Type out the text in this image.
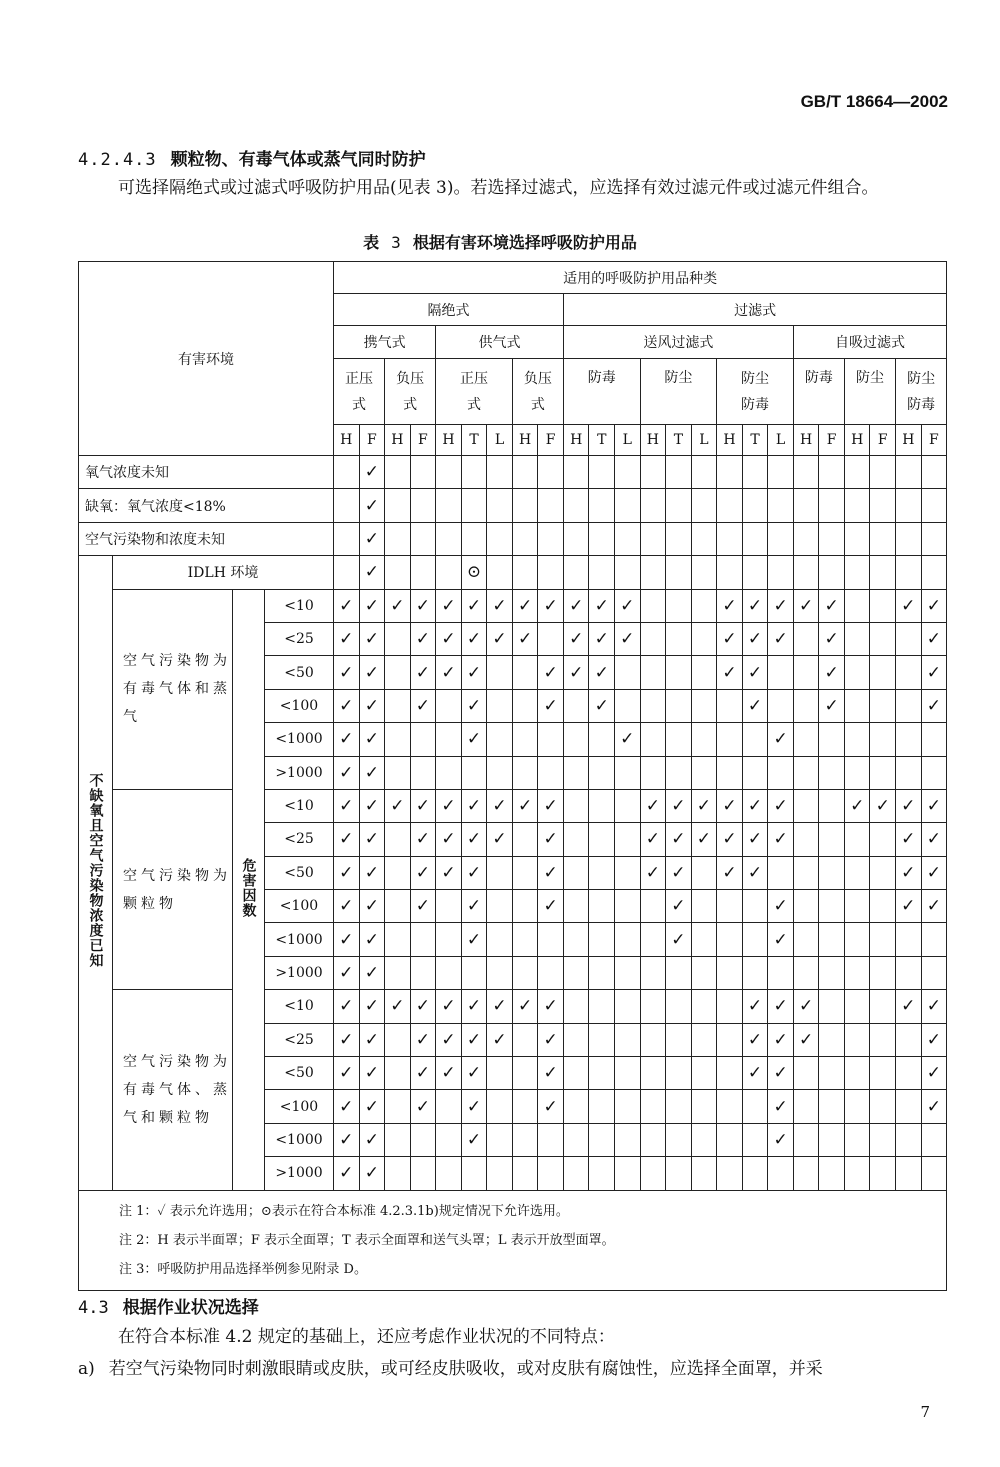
GB/T 18664—2002
4.2.4.3 颗粒物、有毒气体或蒸气同时防护
可选择隔绝式或过滤式呼吸防护用品(见表 3)。若选择过滤式，应选择有效过滤元件或过滤元件组合。
表 3 根据有害环境选择呼吸防护用品
有害环境				适用的呼吸防护用品种类																							
				隔绝式									过滤式														
				携气式				供气式					送风过滤式									自吸过滤式					
				正压式		负压式		正压式			负压式		防毒			防尘			防尘防毒			防毒		防尘		防尘防毒	

				H	F	H	F	H	T	L	H	F	H	T	L	H	T	L	H	T	L	H	F	H	F	H	F
氧气浓度未知					✓																						
缺氧：氧气浓度<18%					✓																						
空气污染物和浓度未知					✓																						
不缺氧且空气污染物浓度已知	IDLH 环境				✓				⊙																		
	空气污染物为有毒气体和蒸气	危害因数	<10	✓	✓	✓	✓	✓	✓	✓	✓	✓	✓	✓	✓				✓	✓	✓	✓	✓			✓	✓
			<25	✓	✓		✓	✓	✓	✓	✓		✓	✓	✓				✓	✓	✓		✓				✓
			<50	✓	✓		✓	✓	✓			✓	✓	✓					✓	✓			✓				✓
			<100	✓	✓		✓		✓			✓		✓						✓			✓				✓
			<1000	✓	✓				✓						✓						✓						
			>1000	✓	✓																						
	空气污染物为颗粒物		<10	✓	✓	✓	✓	✓	✓	✓	✓	✓				✓	✓	✓	✓	✓	✓			✓	✓	✓	✓
			<25	✓	✓		✓	✓	✓	✓		✓				✓	✓	✓	✓	✓	✓					✓	✓
			<50	✓	✓		✓	✓	✓			✓				✓	✓		✓	✓						✓	✓
			<100	✓	✓		✓		✓			✓					✓				✓					✓	✓
			<1000	✓	✓				✓								✓				✓						
			>1000	✓	✓																						
	空气污染物为有毒气体、蒸气和颗粒物		<10	✓	✓	✓	✓	✓	✓	✓	✓	✓								✓	✓	✓				✓	✓
			<25	✓	✓		✓	✓	✓	✓		✓								✓	✓	✓					✓
			<50	✓	✓		✓	✓	✓			✓								✓	✓						✓
			<100	✓	✓		✓		✓			✓									✓						✓
			<1000	✓	✓				✓												✓						
			>1000	✓	✓																						

注 1：✓ 表示允许选用；⊙表示在符合本标准 4.2.3.1b)规定情况下允许选用。
注 2：H 表示半面罩；F 表示全面罩；T 表示全面罩和送气头罩；L 表示开放型面罩。
注 3：呼吸防护用品选择举例参见附录 D。																											
4.3 根据作业状况选择
在符合本标准 4.2 规定的基础上，还应考虑作业状况的不同特点：
a) 若空气污染物同时刺激眼睛或皮肤，或可经皮肤吸收，或对皮肤有腐蚀性，应选择全面罩，并采
7
